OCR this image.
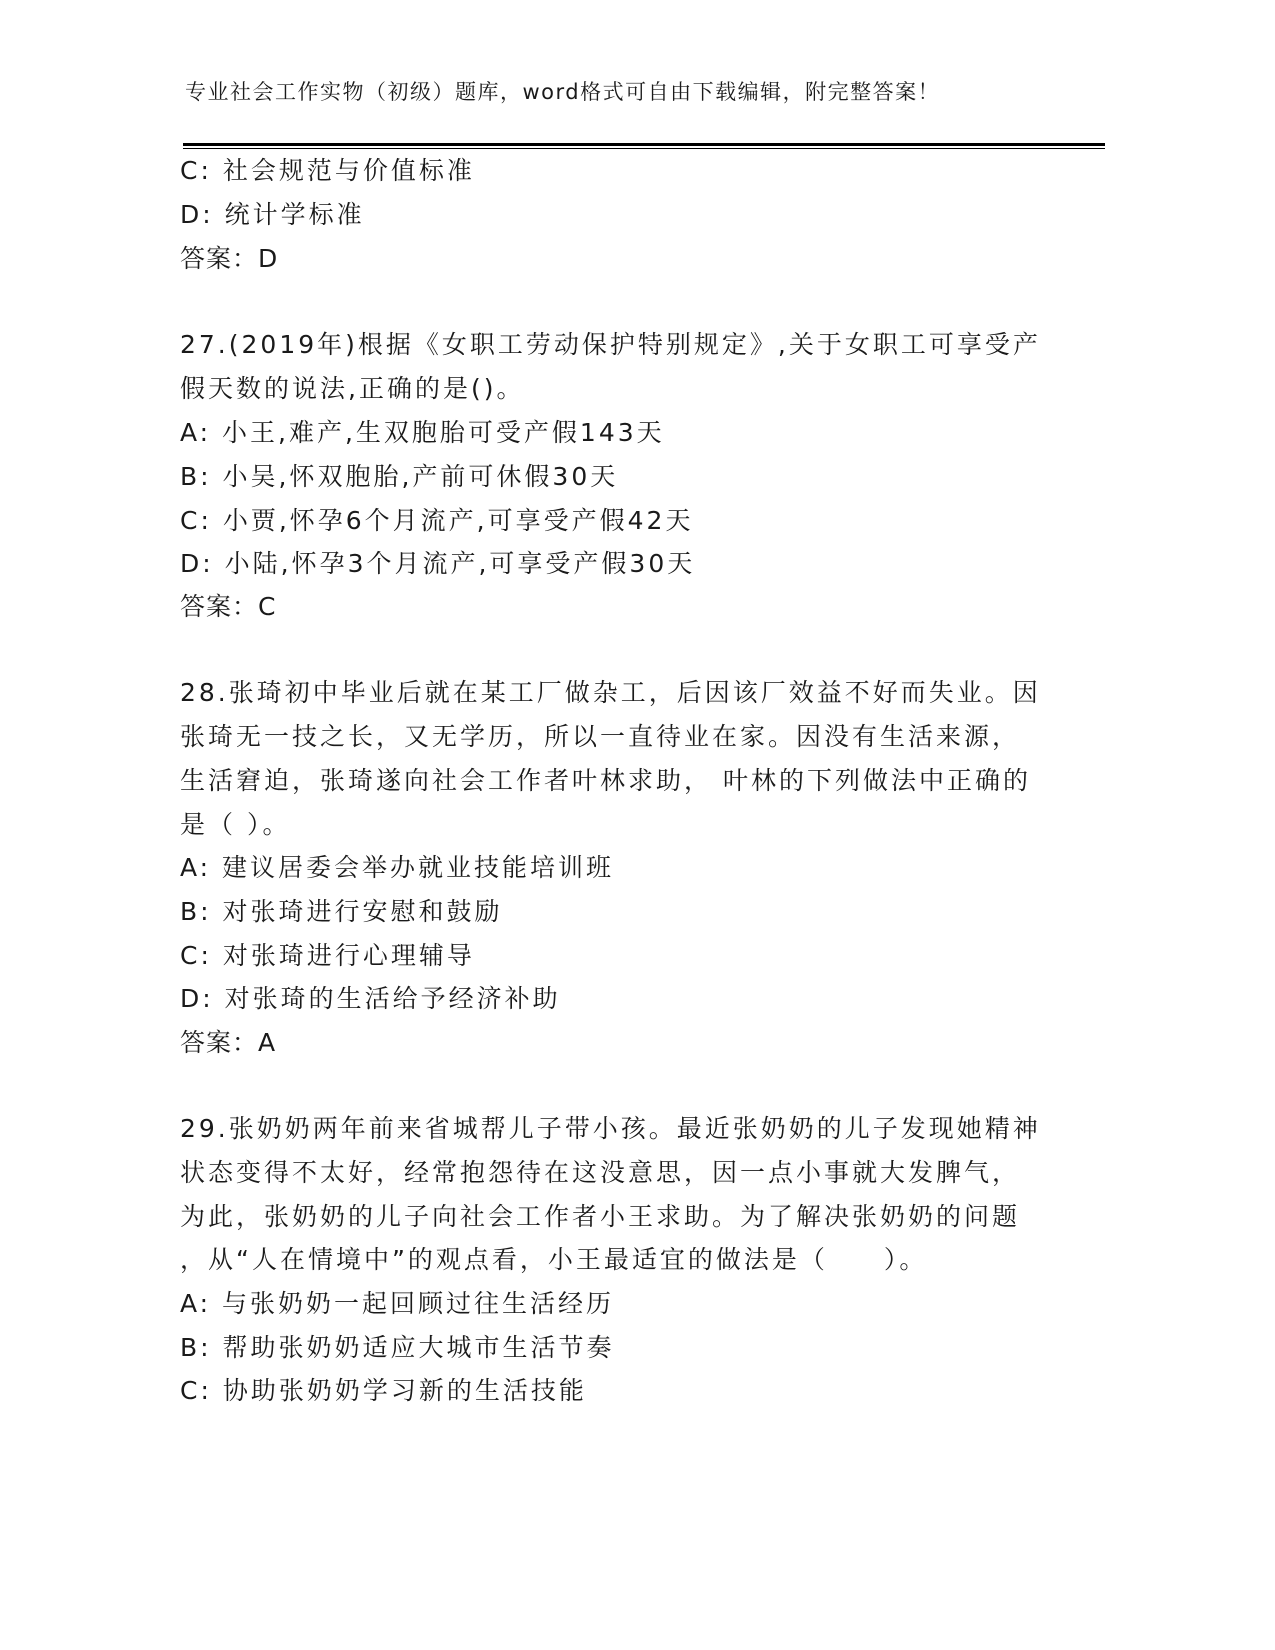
专业社会工作实物（初级）题库，word格式可自由下载编辑，附完整答案！
C: 社会规范与价值标准
D: 统计学标准
答案：D
27.(2019年)根据《女职工劳动保护特别规定》,关于女职工可享受产
假天数的说法,正确的是()。
A: 小王,难产,生双胞胎可受产假143天
B: 小吴,怀双胞胎,产前可休假30天
C: 小贾,怀孕6个月流产,可享受产假42天
D: 小陆,怀孕3个月流产,可享受产假30天
答案：C
28.张琦初中毕业后就在某工厂做杂工，后因该厂效益不好而失业。因
张琦无一技之长，又无学历，所以一直待业在家。因没有生活来源，
生活窘迫，张琦遂向社会工作者叶林求助， 叶林的下列做法中正确的
是（ ）。
A: 建议居委会举办就业技能培训班
B: 对张琦进行安慰和鼓励
C: 对张琦进行心理辅导
D: 对张琦的生活给予经济补助
答案：A
29.张奶奶两年前来省城帮儿子带小孩。最近张奶奶的儿子发现她精神
状态变得不太好，经常抱怨待在这没意思，因一点小事就大发脾气，
为此，张奶奶的儿子向社会工作者小王求助。为了解决张奶奶的问题
，从“人在情境中”的观点看，小王最适宜的做法是（　　）。
A: 与张奶奶一起回顾过往生活经历
B: 帮助张奶奶适应大城市生活节奏
C: 协助张奶奶学习新的生活技能
